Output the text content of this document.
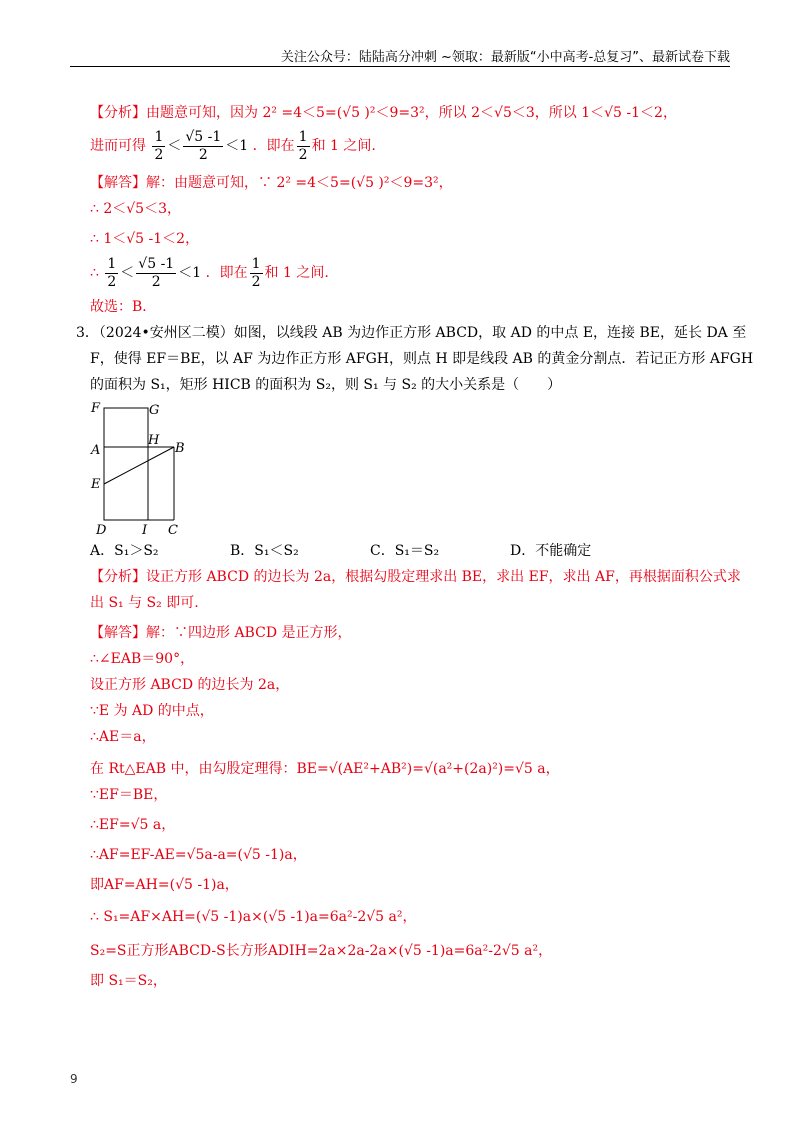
关注公众号：陆陆高分冲刺 ~领取：最新版“小中高考-总复习”、最新试卷下载
【分析】由题意可知，因为 2² =4＜5=(√5 )²＜9=3²，所以 2＜√5＜3，所以 1＜√5 -1＜2，
进而可得 $\frac{1}{2} < \frac{√5 -1}{2} <1$ ．即在 $\frac{1}{2}$ 和 1 之间.
【解答】解：由题意可知，∵ 2² =4＜5=(√5 )²＜9=3²，
∴ 2＜√5＜3，
∴ 1＜√5 -1＜2，
∴ $\frac{1}{2} < \frac{√5 -1}{2} <1$ ．即在 $\frac{1}{2}$ 和 1 之间.
故选：B．
3．（2024•安州区二模）如图，以线段 AB 为边作正方形 ABCD，取 AD 的中点 E，连接 BE，延长 DA 至
F，使得 EF＝BE，以 AF 为边作正方形 AFGH，则点 H 即是线段 AB 的黄金分割点．若记正方形 AFGH
的面积为 S₁，矩形 HICB 的面积为 S₂，则 S₁ 与 S₂ 的大小关系是（　　）
F	G
A
H
B
E
D	I C
A．S₁＞S₂	B．S₁＜S₂	C．S₁＝S₂	D．不能确定
【分析】设正方形 ABCD 的边长为 2a，根据勾股定理求出 BE，求出 EF，求出 AF，再根据面积公式求
出 S₁ 与 S₂ 即可.
【解答】解：∵四边形 ABCD 是正方形，
∴∠EAB＝90°，
设正方形 ABCD 的边长为 2a，
∵E 为 AD 的中点，
∴AE＝a，
在 Rt△EAB 中，由勾股定理得：BE=√(AE²+AB²)=√(a²+(2a)²)=√5 a，
∵EF＝BE，
∴EF=√5 a，
∴AF=EF-AE=√5a-a=(√5 -1)a，
即AF=AH=(√5 -1)a，
∴ S₁=AF×AH=(√5 -1)a×(√5 -1)a=6a²-2√5 a²，
S₂=S正方形ABCD-S长方形ADIH=2a×2a-2a×(√5 -1)a=6a²-2√5 a²，
即 S₁＝S₂，
9
